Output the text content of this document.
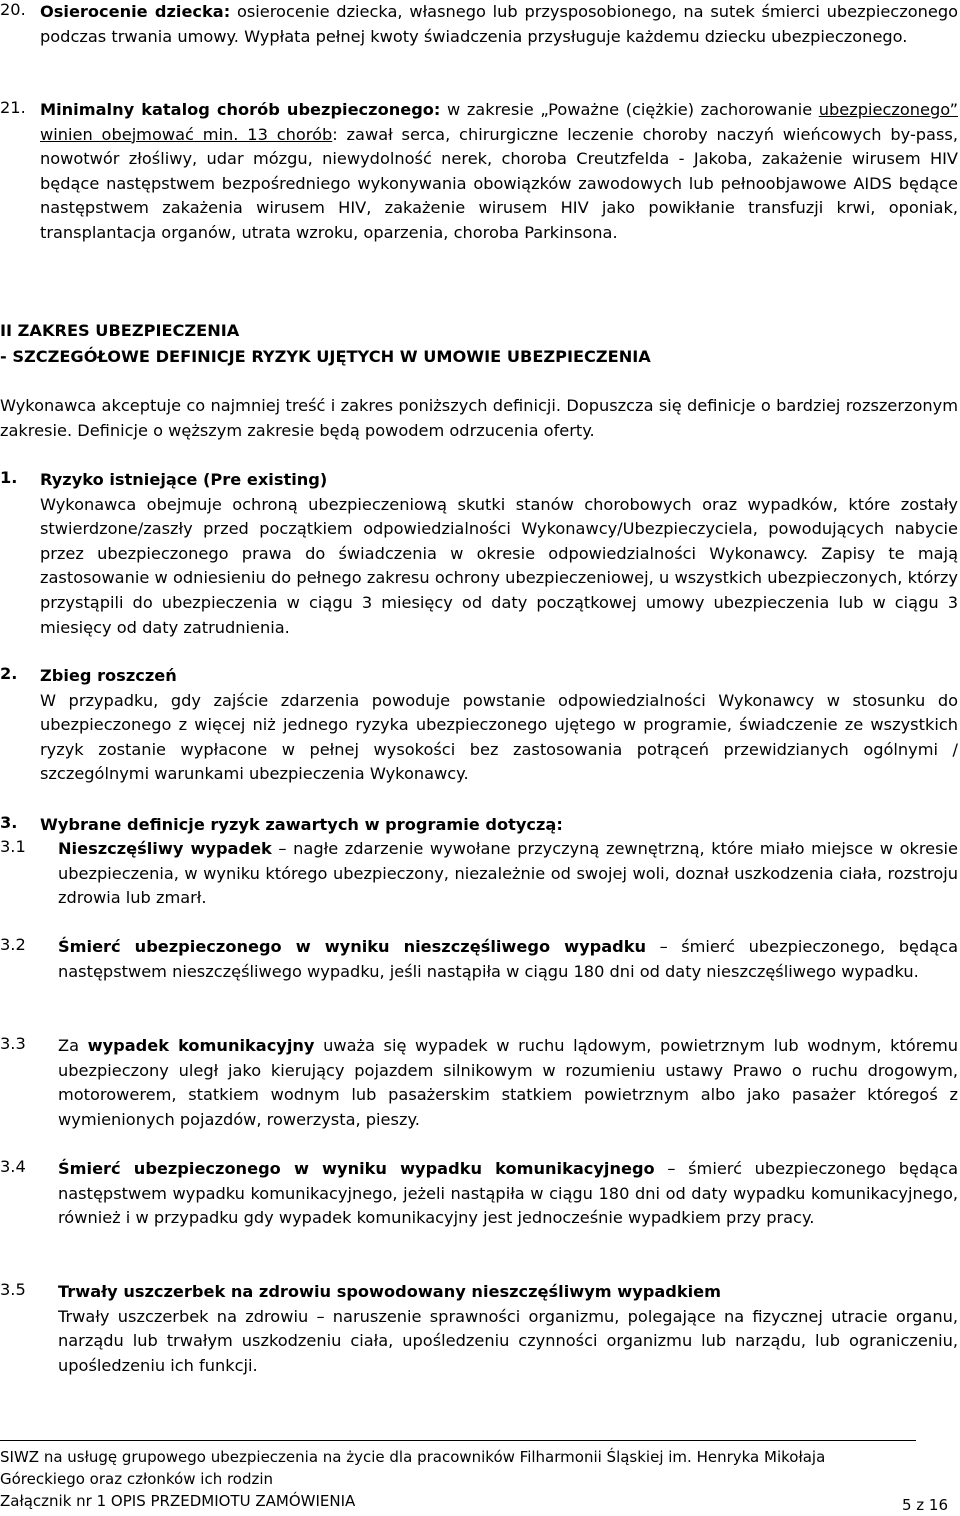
20. Osierocenie dziecka: osierocenie dziecka, własnego lub przysposobionego, na sutek śmierci ubezpieczonego podczas trwania umowy. Wypłata pełnej kwoty świadczenia przysługuje każdemu dziecku ubezpieczonego.

21. Minimalny katalog chorób ubezpieczonego: w zakresie „Poważne (ciężkie) zachorowanie ubezpieczonego” winien obejmować min. 13 chorób: zawał serca, chirurgiczne leczenie choroby naczyń wieńcowych by-pass, nowotwór złośliwy, udar mózgu, niewydolność nerek, choroba Creutzfelda - Jakoba, zakażenie wirusem HIV będące następstwem bezpośredniego wykonywania obowiązków zawodowych lub pełnoobjawowe AIDS będące następstwem zakażenia wirusem HIV, zakażenie wirusem HIV jako powikłanie transfuzji krwi, oponiak, transplantacja organów, utrata wzroku, oparzenia, choroba Parkinsona.

II ZAKRES UBEZPIECZENIA
- SZCZEGÓŁOWE DEFINICJE RYZYK UJĘTYCH W UMOWIE UBEZPIECZENIA

Wykonawca akceptuje co najmniej treść i zakres poniższych definicji. Dopuszcza się definicje o bardziej rozszerzonym zakresie. Definicje o węższym zakresie będą powodem odrzucenia oferty.

1.	Ryzyko istniejące (Pre existing)

Wykonawca obejmuje ochroną ubezpieczeniową skutki stanów chorobowych oraz wypadków, które zostały stwierdzone/zaszły przed początkiem odpowiedzialności Wykonawcy/Ubezpieczyciela, powodujących nabycie przez ubezpieczonego prawa do świadczenia w okresie odpowiedzialności Wykonawcy. Zapisy te mają zastosowanie w odniesieniu do pełnego zakresu ochrony ubezpieczeniowej, u wszystkich ubezpieczonych, którzy przystąpili do ubezpieczenia w ciągu 3 miesięcy od daty początkowej umowy ubezpieczenia lub w ciągu 3 miesięcy od daty zatrudnienia.

2.	Zbieg roszczeń

W przypadku, gdy zajście zdarzenia powoduje powstanie odpowiedzialności Wykonawcy w stosunku do ubezpieczonego z więcej niż jednego ryzyka ubezpieczonego ujętego w programie, świadczenie ze wszystkich ryzyk zostanie wypłacone w pełnej wysokości bez zastosowania potrąceń przewidzianych ogólnymi / szczególnymi warunkami ubezpieczenia Wykonawcy.

3.	Wybrane definicje ryzyk zawartych w programie dotyczą:
3.1	Nieszczęśliwy wypadek – nagłe zdarzenie wywołane przyczyną zewnętrzną, które miało miejsce w okresie ubezpieczenia, w wyniku którego ubezpieczony, niezależnie od swojej woli, doznał uszkodzenia ciała, rozstroju zdrowia lub zmarł.

3.2	Śmierć ubezpieczonego w wyniku nieszczęśliwego wypadku – śmierć ubezpieczonego, będąca następstwem nieszczęśliwego wypadku, jeśli nastąpiła w ciągu 180 dni od daty nieszczęśliwego wypadku.

3.3	Za wypadek komunikacyjny uważa się wypadek w ruchu lądowym, powietrznym lub wodnym, któremu ubezpieczony uległ jako kierujący pojazdem silnikowym w rozumieniu ustawy Prawo o ruchu drogowym, motorowerem, statkiem wodnym lub pasażerskim statkiem powietrznym albo jako pasażer któregoś z wymienionych pojazdów, rowerzysta, pieszy.

3.4	Śmierć ubezpieczonego w wyniku wypadku komunikacyjnego – śmierć ubezpieczonego będąca następstwem wypadku komunikacyjnego, jeżeli nastąpiła w ciągu 180 dni od daty wypadku komunikacyjnego, również i w przypadku gdy wypadek komunikacyjny jest jednocześnie wypadkiem przy pracy.

3.5	Trwały uszczerbek na zdrowiu spowodowany nieszczęśliwym wypadkiem

Trwały uszczerbek na zdrowiu – naruszenie sprawności organizmu, polegające na fizycznej utracie organu, narządu lub trwałym uszkodzeniu ciała, upośledzeniu czynności organizmu lub narządu, lub ograniczeniu, upośledzeniu ich funkcji.

SIWZ na usługę grupowego ubezpieczenia na życie dla pracowników Filharmonii Śląskiej im. Henryka Mikołaja Góreckiego oraz członków ich rodzin
Załącznik nr 1 OPIS PRZEDMIOTU ZAMÓWIENIA	5 z 16
